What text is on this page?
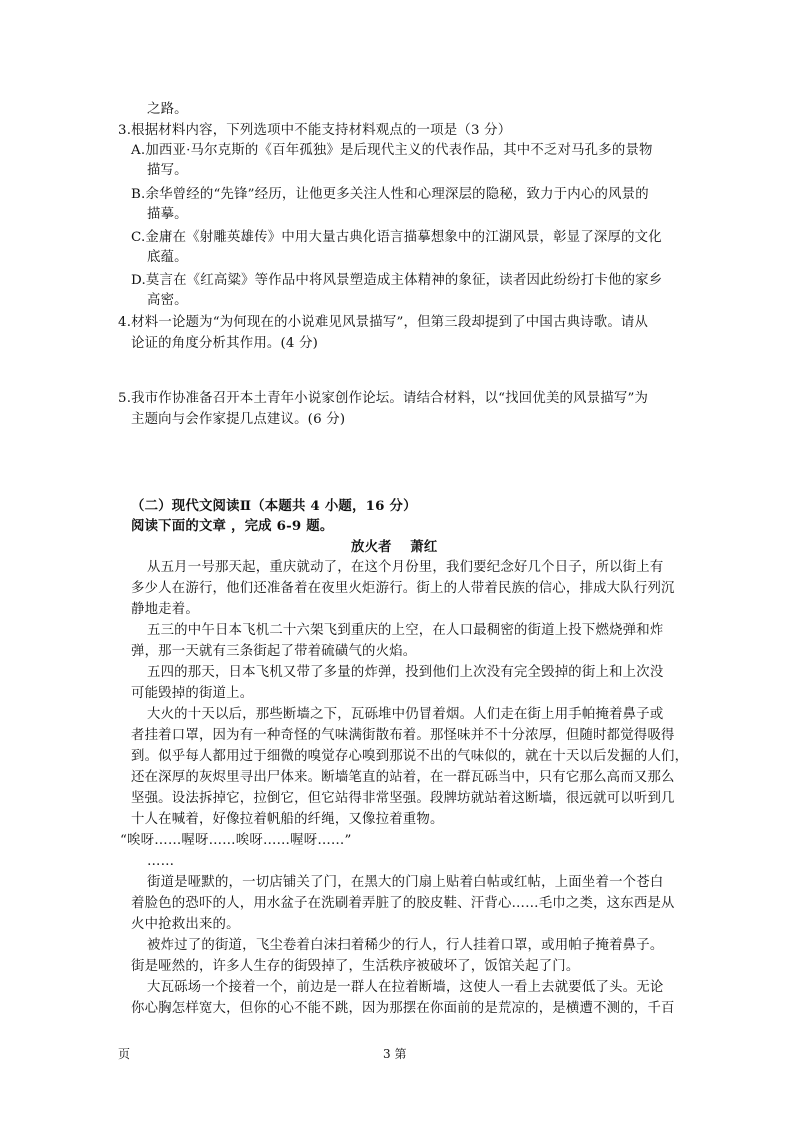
之路。
3.根据材料内容，下列选项中不能支持材料观点的一项是（3 分）
A.加西亚·马尔克斯的《百年孤独》是后现代主义的代表作品，其中不乏对马孔多的景物
描写。
B.余华曾经的“先锋”经历，让他更多关注人性和心理深层的隐秘，致力于内心的风景的
描摹。
C.金庸在《射雕英雄传》中用大量古典化语言描摹想象中的江湖风景，彰显了深厚的文化
底蕴。
D.莫言在《红高粱》等作品中将风景塑造成主体精神的象征，读者因此纷纷打卡他的家乡
高密。
4.材料一论题为“为何现在的小说难见风景描写”，但第三段却提到了中国古典诗歌。请从
论证的角度分析其作用。(4 分)
5.我市作协准备召开本土青年小说家创作论坛。请结合材料，以“找回优美的风景描写”为
主题向与会作家提几点建议。(6 分)
（二）现代文阅读Ⅱ（本题共 4 小题，16 分）
阅读下面的文章 ，完成 6-9 题。
放火者　 萧红
从五月一号那天起，重庆就动了，在这个月份里，我们要纪念好几个日子，所以街上有
多少人在游行，他们还准备着在夜里火炬游行。街上的人带着民族的信心，排成大队行列沉
静地走着。
五三的中午日本飞机二十六架飞到重庆的上空，在人口最稠密的街道上投下燃烧弹和炸
弹，那一天就有三条街起了带着硫磺气的火焰。
五四的那天，日本飞机又带了多量的炸弹，投到他们上次没有完全毁掉的街上和上次没
可能毁掉的街道上。
大火的十天以后，那些断墙之下，瓦砾堆中仍冒着烟。人们走在街上用手帕掩着鼻子或
者挂着口罩，因为有一种奇怪的气味满街散布着。那怪味并不十分浓厚，但随时都觉得吸得
到。似乎每人都用过于细微的嗅觉存心嗅到那说不出的气味似的，就在十天以后发掘的人们，
还在深厚的灰烬里寻出尸体来。断墙笔直的站着，在一群瓦砾当中，只有它那么高而又那么
坚强。设法拆掉它，拉倒它，但它站得非常坚强。段牌坊就站着这断墙，很远就可以听到几
十人在喊着，好像拉着帆船的纤绳，又像拉着重物。
“唉呀……喔呀……唉呀……喔呀……”
……
街道是哑默的，一切店铺关了门，在黑大的门扇上贴着白帖或红帖，上面坐着一个苍白
着脸色的恐吓的人，用水盆子在洗刷着弄脏了的胶皮鞋、汗背心……毛巾之类，这东西是从
火中抢救出来的。
被炸过了的街道，飞尘卷着白沫扫着稀少的行人，行人挂着口罩，或用帕子掩着鼻子。
街是哑然的，许多人生存的街毁掉了，生活秩序被破坏了，饭馆关起了门。
大瓦砾场一个接着一个，前边是一群人在拉着断墙，这使人一看上去就要低了头。无论
你心胸怎样宽大，但你的心不能不跳，因为那摆在你面前的是荒凉的，是横遭不测的，千百
页	3 第
